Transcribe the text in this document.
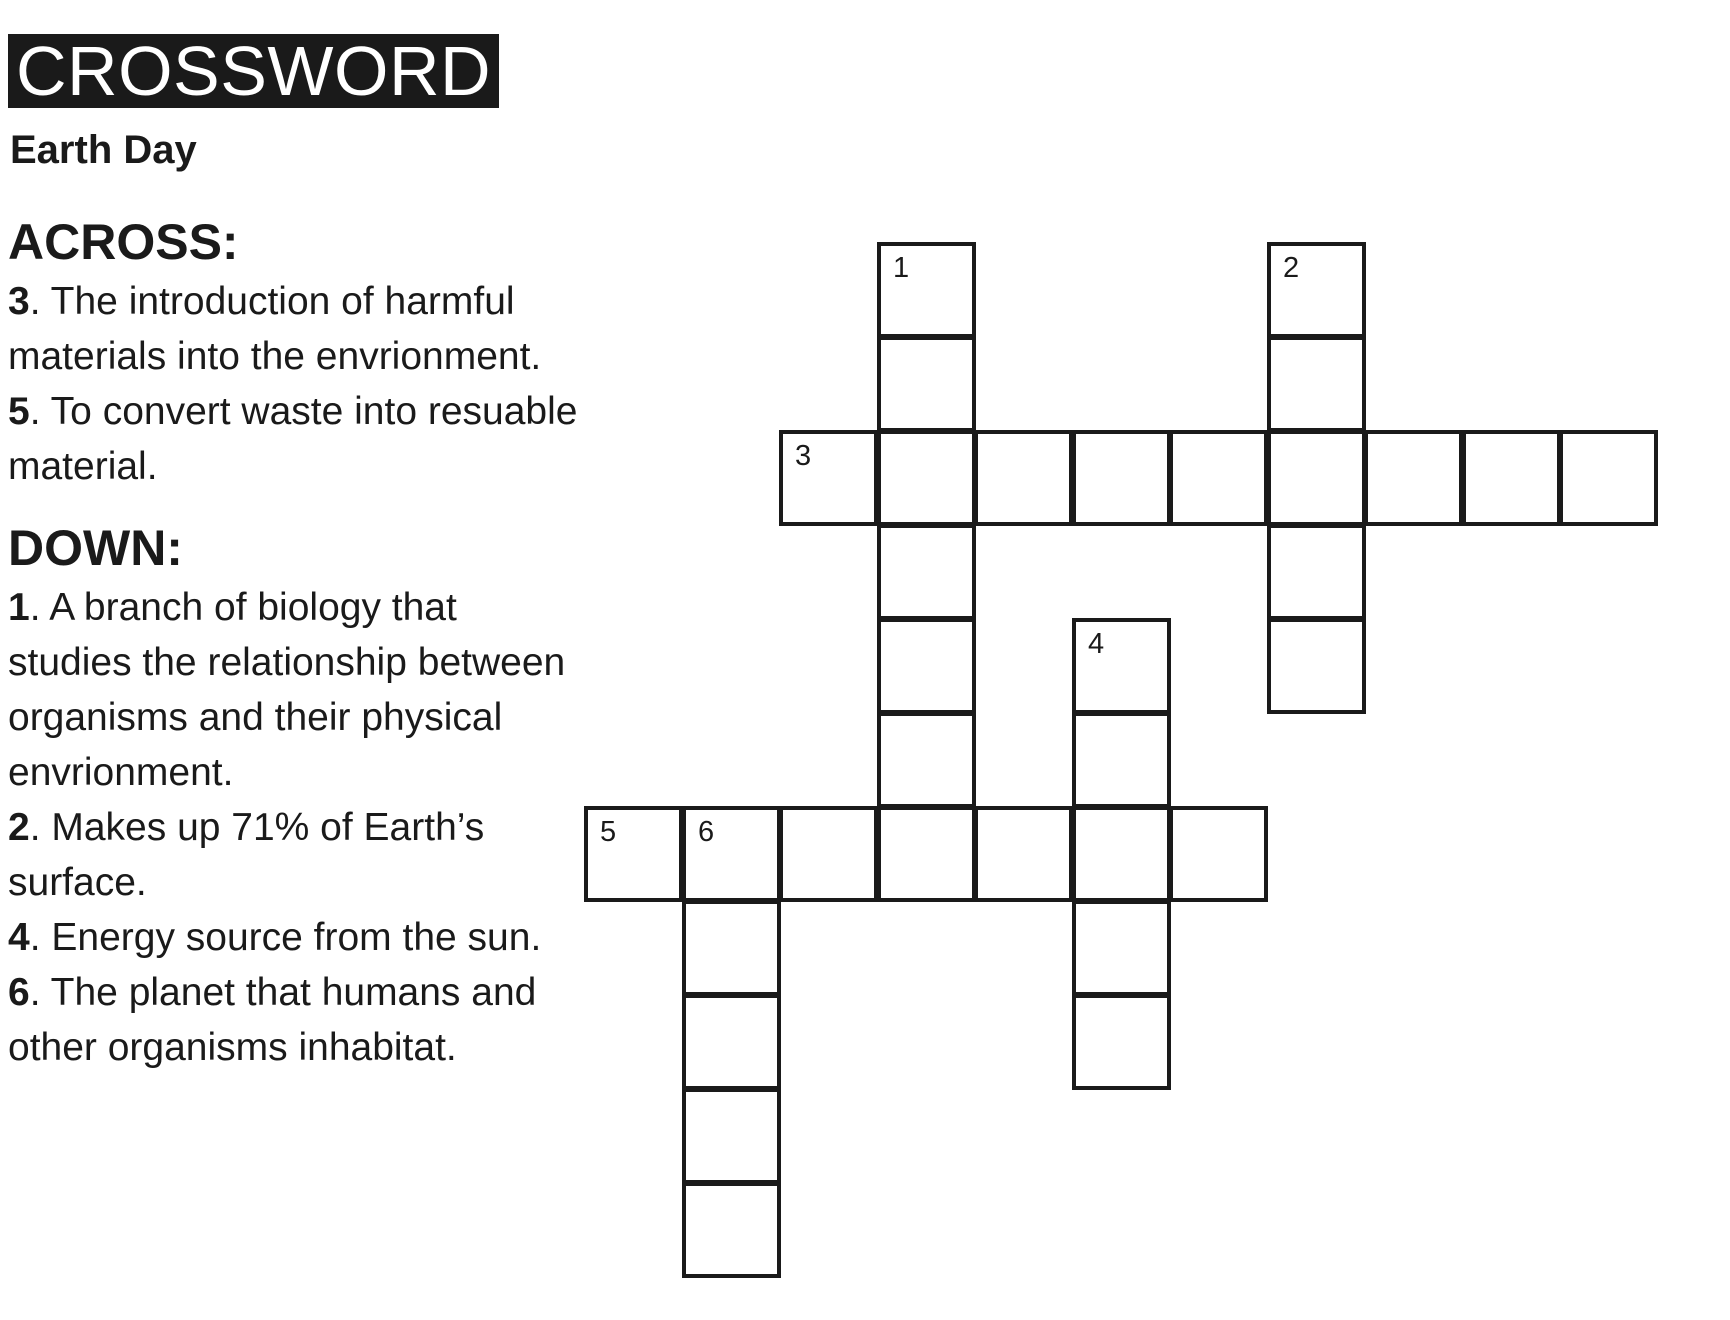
CROSSWORD
Earth Day
ACROSS:
3. The introduction of harmful materials into the envrionment.
5. To convert waste into resuable material.
DOWN:
1. A branch of biology that studies the relationship between organisms and their physical envrionment.
2. Makes up 71% of Earth’s surface.
4. Energy source from the sun.
6. The planet that humans and other organisms inhabitat.
1	2
3
4
5	6
